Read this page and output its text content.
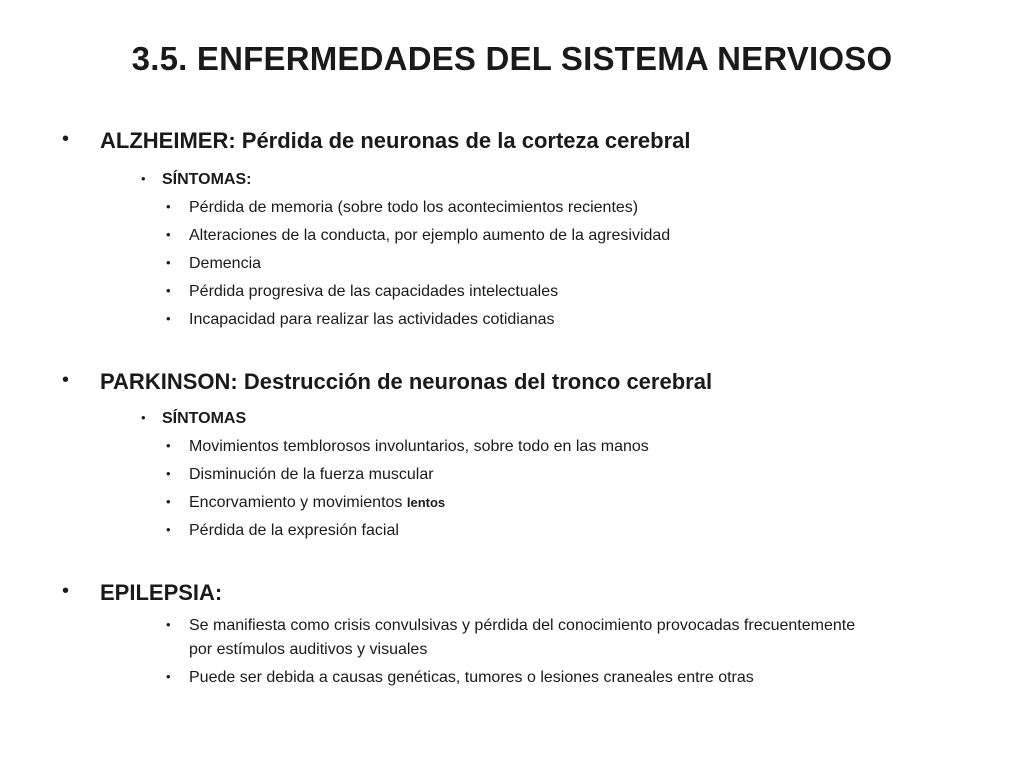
3.5. ENFERMEDADES DEL SISTEMA NERVIOSO
• ALZHEIMER: Pérdida de neuronas de la corteza cerebral
• SÍNTOMAS:
• Pérdida de memoria (sobre todo los acontecimientos recientes)
• Alteraciones de la conducta, por ejemplo aumento de la agresividad
• Demencia
• Pérdida progresiva de las capacidades intelectuales
• Incapacidad para realizar las actividades cotidianas
• PARKINSON: Destrucción de neuronas del tronco cerebral
• SÍNTOMAS
• Movimientos temblorosos involuntarios, sobre todo en las manos
• Disminución de la fuerza muscular
• Encorvamiento y movimientos lentos
• Pérdida de la expresión facial
• EPILEPSIA:
• Se manifiesta como crisis convulsivas y pérdida del conocimiento provocadas frecuentemente
por estímulos auditivos y visuales
• Puede ser debida a causas genéticas, tumores o lesiones craneales entre otras
